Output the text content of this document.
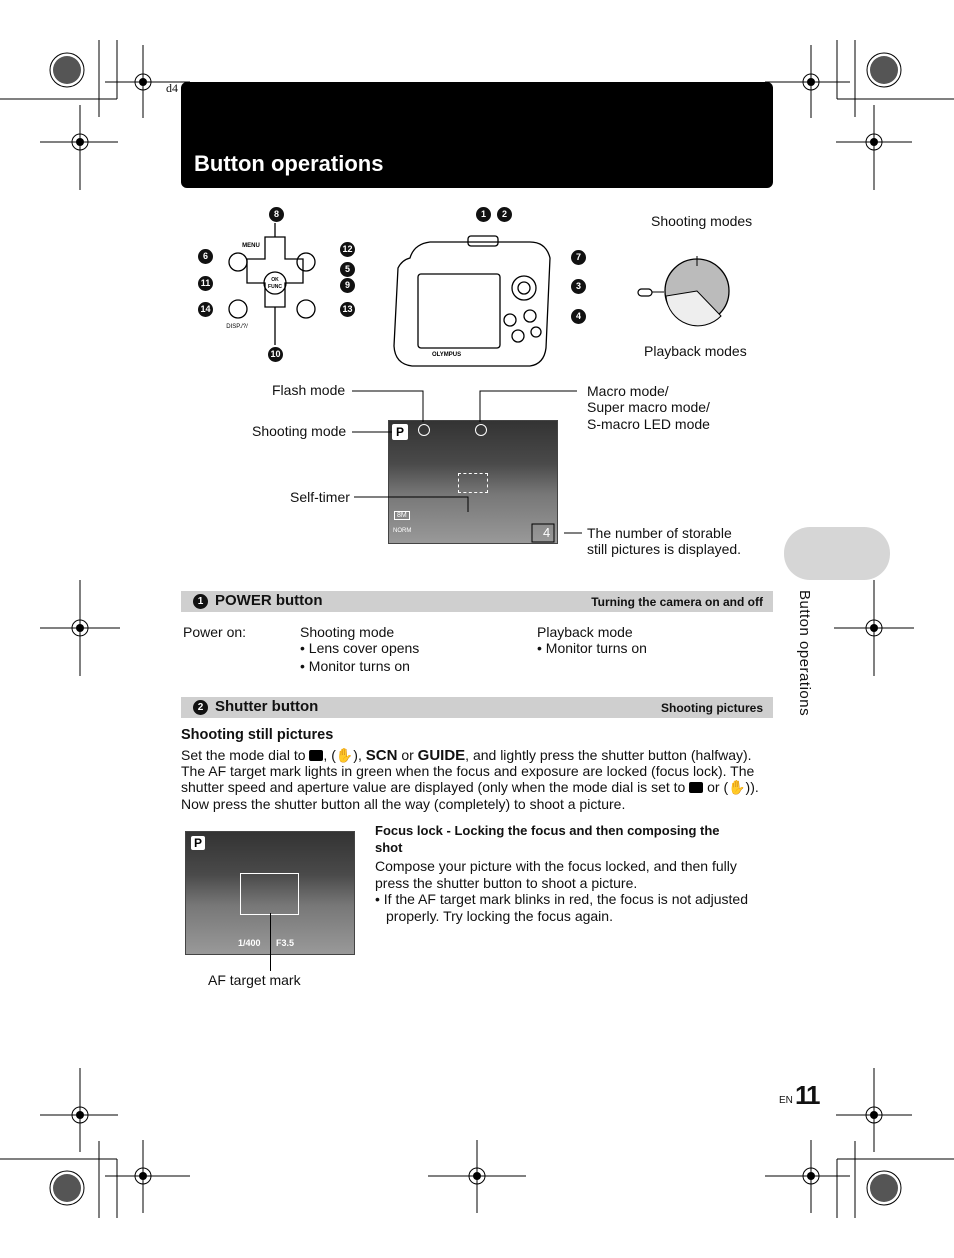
d4
Button operations
OK
FUNC
MENU
DISP./?/
8
6
11
14
10
12
5
9
13
OLYMPUS
1	2
7
3
4
Shooting modes
Playback modes
P
8M
NORM	4
Flash mode
Shooting mode
Self-timer
Macro mode/
Super macro mode/
S-macro LED mode
The number of storable
still pictures is displayed.
Button operations
1 POWER button	Turning the camera on and off
Power on:	Shooting mode
• Lens cover opens
• Monitor turns on
Playback mode
• Monitor turns on
2 Shutter button	Shooting pictures
Shooting still pictures
Set the mode dial to , (✋), SCN or GUIDE, and lightly press the shutter button (halfway).
The AF target mark lights in green when the focus and exposure are locked (focus lock). The
shutter speed and aperture value are displayed (only when the mode dial is set to or (✋)).
Now press the shutter button all the way (completely) to shoot a picture.
P
1/400 F3.5
AF target mark
Focus lock - Locking the focus and then composing the
shot
Compose your picture with the focus locked, and then fully
press the shutter button to shoot a picture.
• If the AF target mark blinks in red, the focus is not adjusted
properly. Try locking the focus again.
EN 11
